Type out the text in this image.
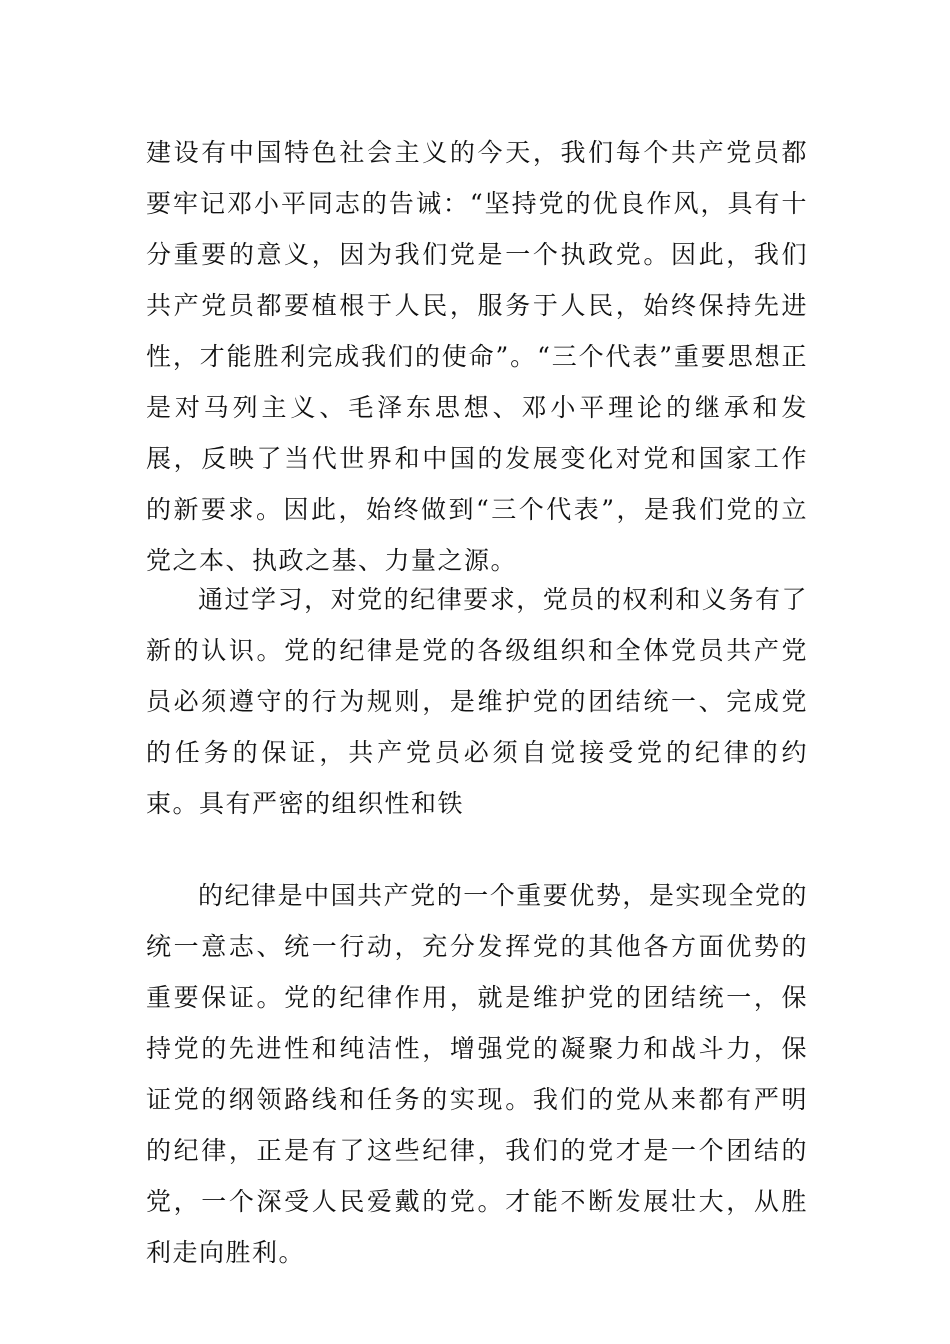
建设有中国特色社会主义的今天，我们每个共产党员都要牢记邓小平同志的告诫：“坚持党的优良作风，具有十分重要的意义，因为我们党是一个执政党。因此，我们共产党员都要植根于人民，服务于人民，始终保持先进性，才能胜利完成我们的使命”。“三个代表”重要思想正是对马列主义、毛泽东思想、邓小平理论的继承和发展，反映了当代世界和中国的发展变化对党和国家工作的新要求。因此，始终做到“三个代表”，是我们党的立党之本、执政之基、力量之源。

通过学习，对党的纪律要求，党员的权利和义务有了新的认识。党的纪律是党的各级组织和全体党员共产党员必须遵守的行为规则，是维护党的团结统一、完成党的任务的保证，共产党员必须自觉接受党的纪律的约束。具有严密的组织性和铁

的纪律是中国共产党的一个重要优势，是实现全党的统一意志、统一行动，充分发挥党的其他各方面优势的重要保证。党的纪律作用，就是维护党的团结统一，保持党的先进性和纯洁性，增强党的凝聚力和战斗力，保证党的纲领路线和任务的实现。我们的党从来都有严明的纪律，正是有了这些纪律，我们的党才是一个团结的党，一个深受人民爱戴的党。才能不断发展壮大，从胜利走向胜利。
